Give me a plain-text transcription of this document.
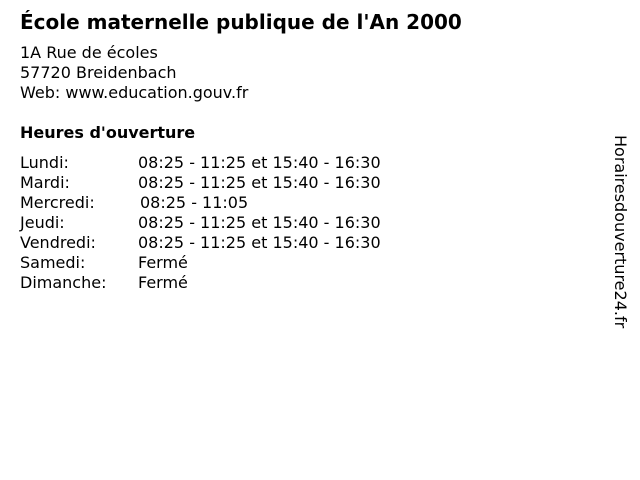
École maternelle publique de l'An 2000
1A Rue de écoles
57720 Breidenbach
Web: www.education.gouv.fr
Heures d'ouverture
Lundi:	08:25 - 11:25 et 15:40 - 16:30
Mardi:	08:25 - 11:25 et 15:40 - 16:30
Mercredi:	08:25 - 11:05
Jeudi:	08:25 - 11:25 et 15:40 - 16:30
Vendredi:	08:25 - 11:25 et 15:40 - 16:30
Samedi:	Fermé
Dimanche: Fermé	Horairesdouverture24.fr
